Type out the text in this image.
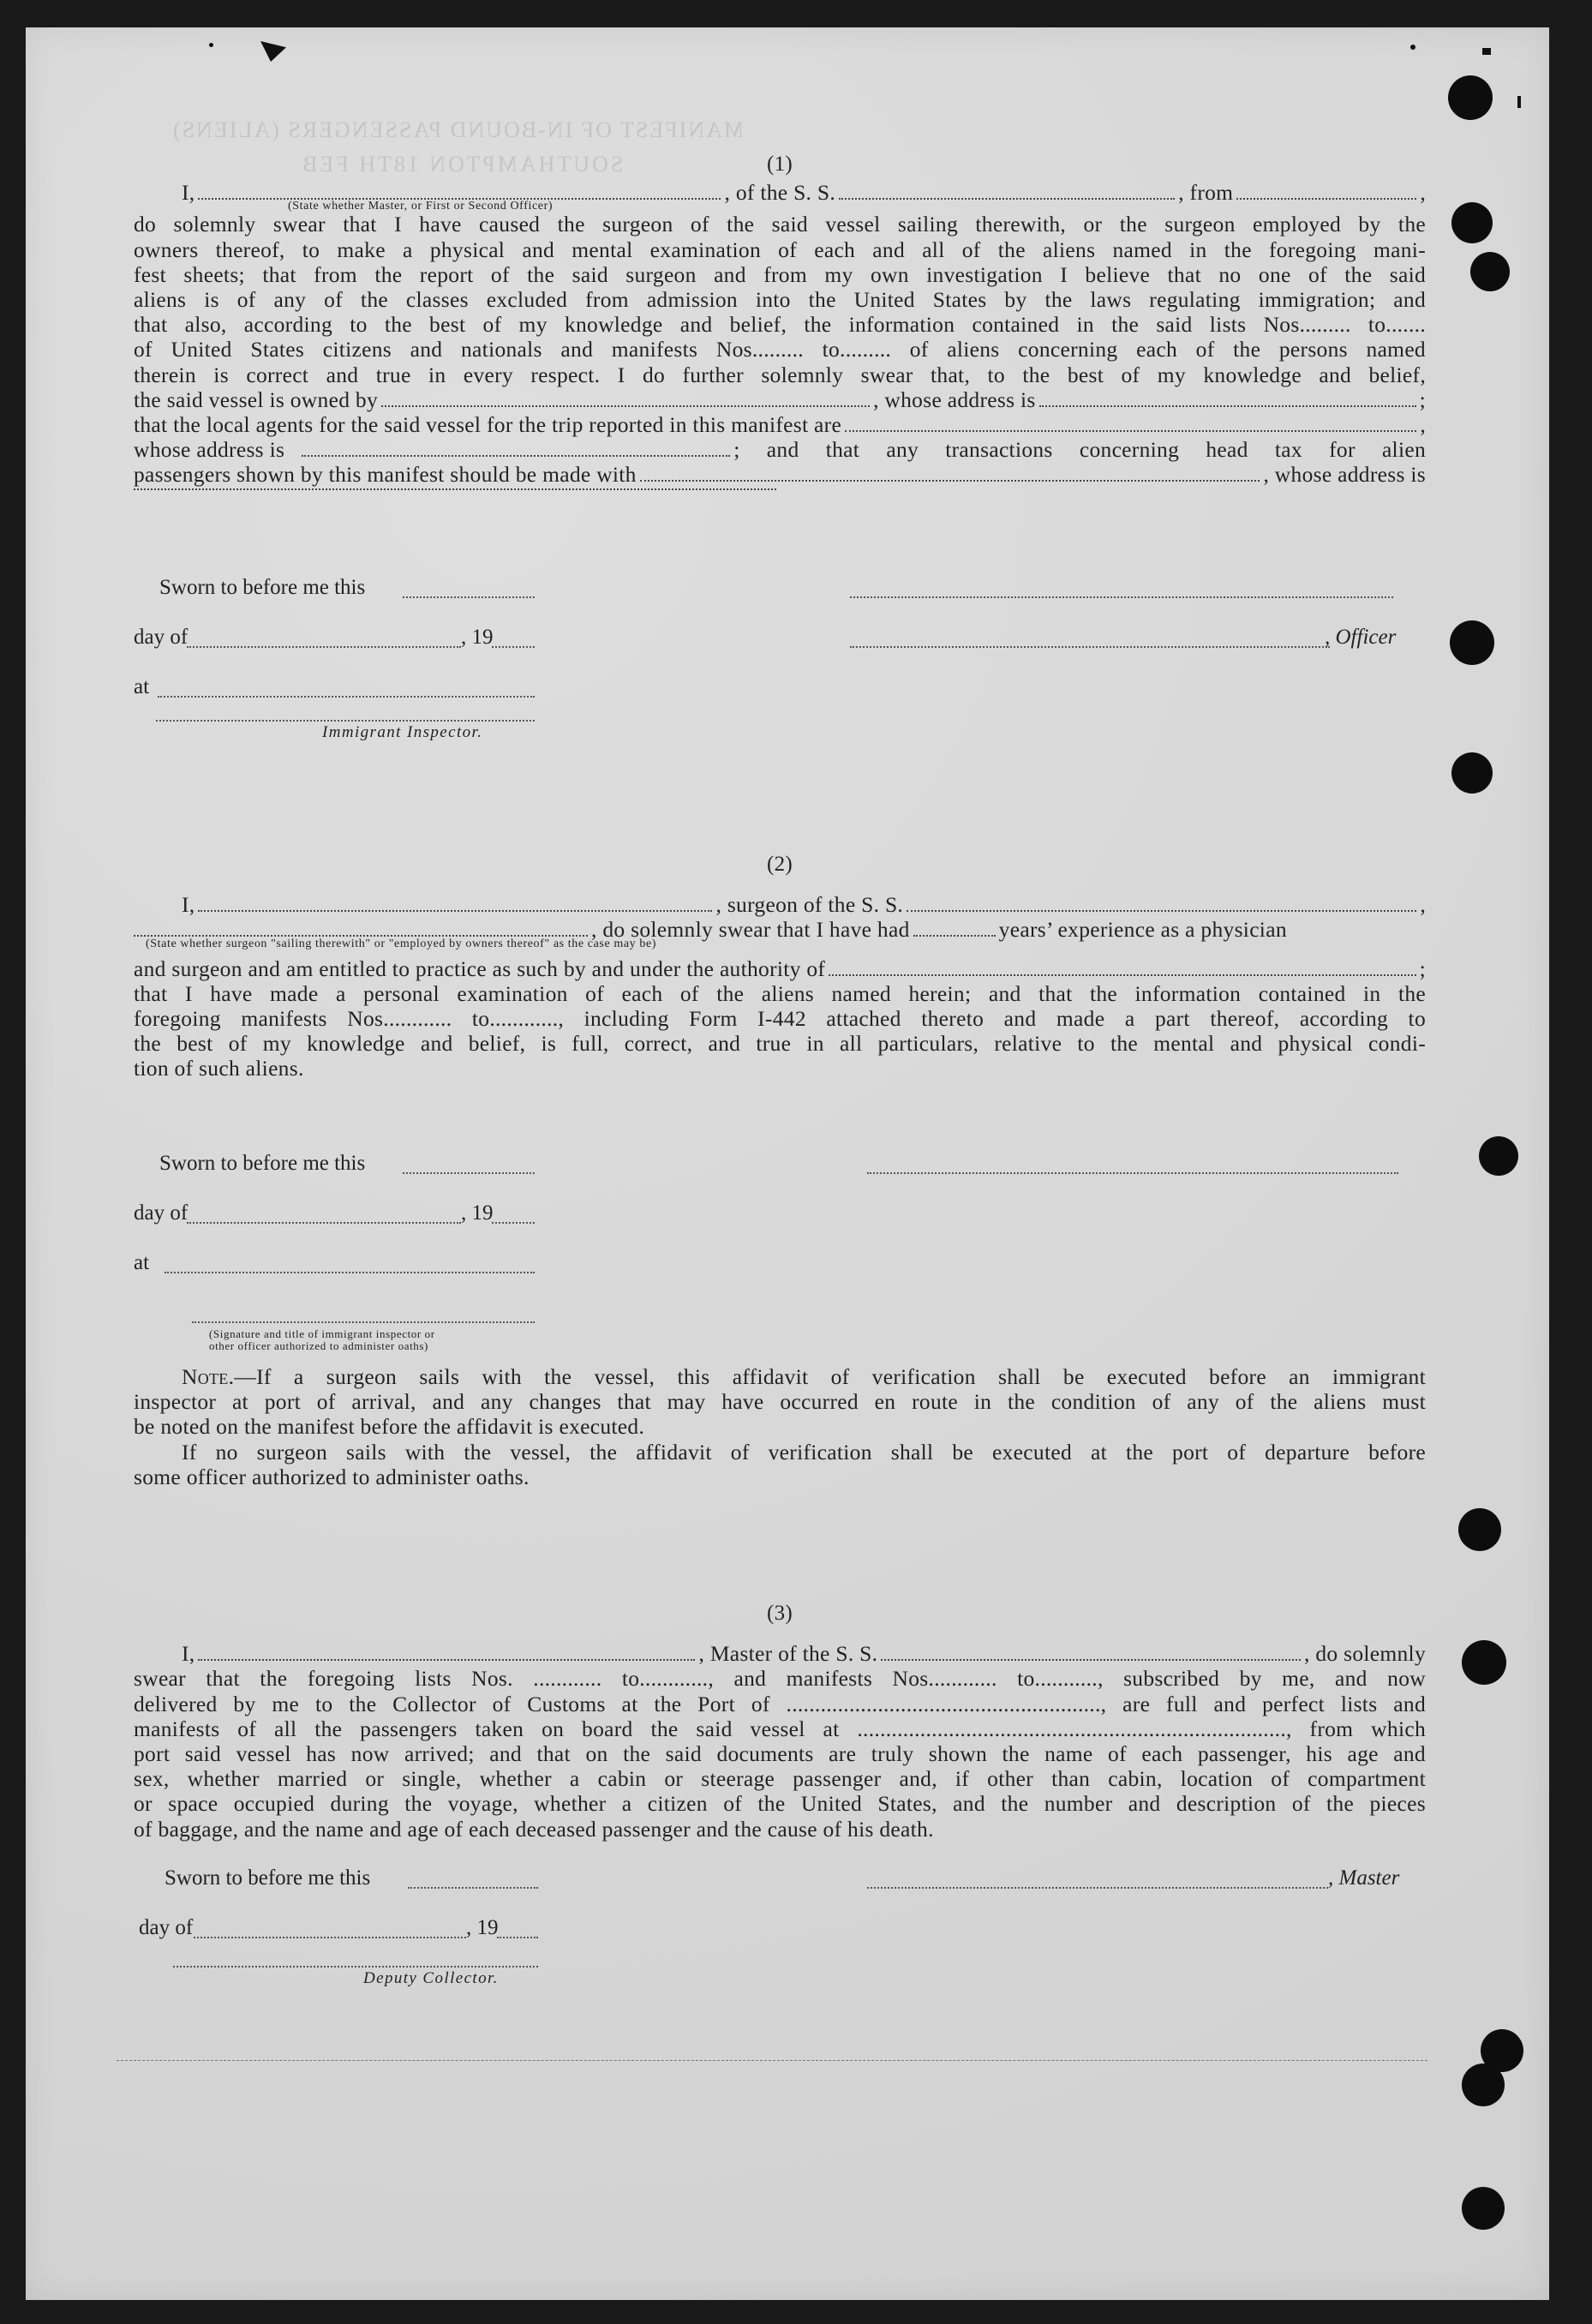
MANIFEST OF IN-BOUND PASSENGERS (ALIENS)
SOUTHAMPTON 18TH FEB	(1)
I,	, of the S. S.	, from	,
(State whether Master, or First or Second Officer)
do solemnly swear that I have caused the surgeon of the said vessel sailing therewith, or the surgeon employed by the
owners thereof, to make a physical and mental examination of each and all of the aliens named in the foregoing mani-
fest sheets; that from the report of the said surgeon and from my own investigation I believe that no one of the said
aliens is of any of the classes excluded from admission into the United States by the laws regulating immigration; and
that also, according to the best of my knowledge and belief, the information contained in the said lists Nos......... to.......
of United States citizens and nationals and manifests Nos......... to......... of aliens concerning each of the persons named
therein is correct and true in every respect. I do further solemnly swear that, to the best of my knowledge and belief,
the said vessel is owned by	, whose address is	;
that the local agents for the said vessel for the trip reported in this manifest are	,
whose address is	; and that any transactions concerning head tax for alien
passengers shown by this manifest should be made with	, whose address is
Sworn to before me this
day of	, 19
at
, Officer
Immigrant Inspector.
(2)
I,	, surgeon of the S. S.	,
, do solemnly swear that I have had	years’ experience as a physician
(State whether surgeon "sailing therewith" or "employed by owners thereof" as the case may be)
and surgeon and am entitled to practice as such by and under the authority of	;
that I have made a personal examination of each of the aliens named herein; and that the information contained in the
foregoing manifests Nos............ to............, including Form I-442 attached thereto and made a part thereof, according to
the best of my knowledge and belief, is full, correct, and true in all particulars, relative to the mental and physical condi-
tion of such aliens.
Sworn to before me this
day of	, 19
at
(Signature and title of immigrant inspector or
other officer authorized to administer oaths)
Note.—If a surgeon sails with the vessel, this affidavit of verification shall be executed before an immigrant
inspector at port of arrival, and any changes that may have occurred en route in the condition of any of the aliens must
be noted on the manifest before the affidavit is executed.
If no surgeon sails with the vessel, the affidavit of verification shall be executed at the port of departure before
some officer authorized to administer oaths.
(3)
I,	, Master of the S. S.	, do solemnly
swear that the foregoing lists Nos. ............ to............, and manifests Nos............ to..........., subscribed by me, and now
delivered by me to the Collector of Customs at the Port of ......................................................., are full and perfect lists and
manifests of all the passengers taken on board the said vessel at ..........................................................................., from which
port said vessel has now arrived; and that on the said documents are truly shown the name of each passenger, his age and
sex, whether married or single, whether a cabin or steerage passenger and, if other than cabin, location of compartment
or space occupied during the voyage, whether a citizen of the United States, and the number and description of the pieces
of baggage, and the name and age of each deceased passenger and the cause of his death.
Sworn to before me this	, Master
day of	, 19
Deputy Collector.
